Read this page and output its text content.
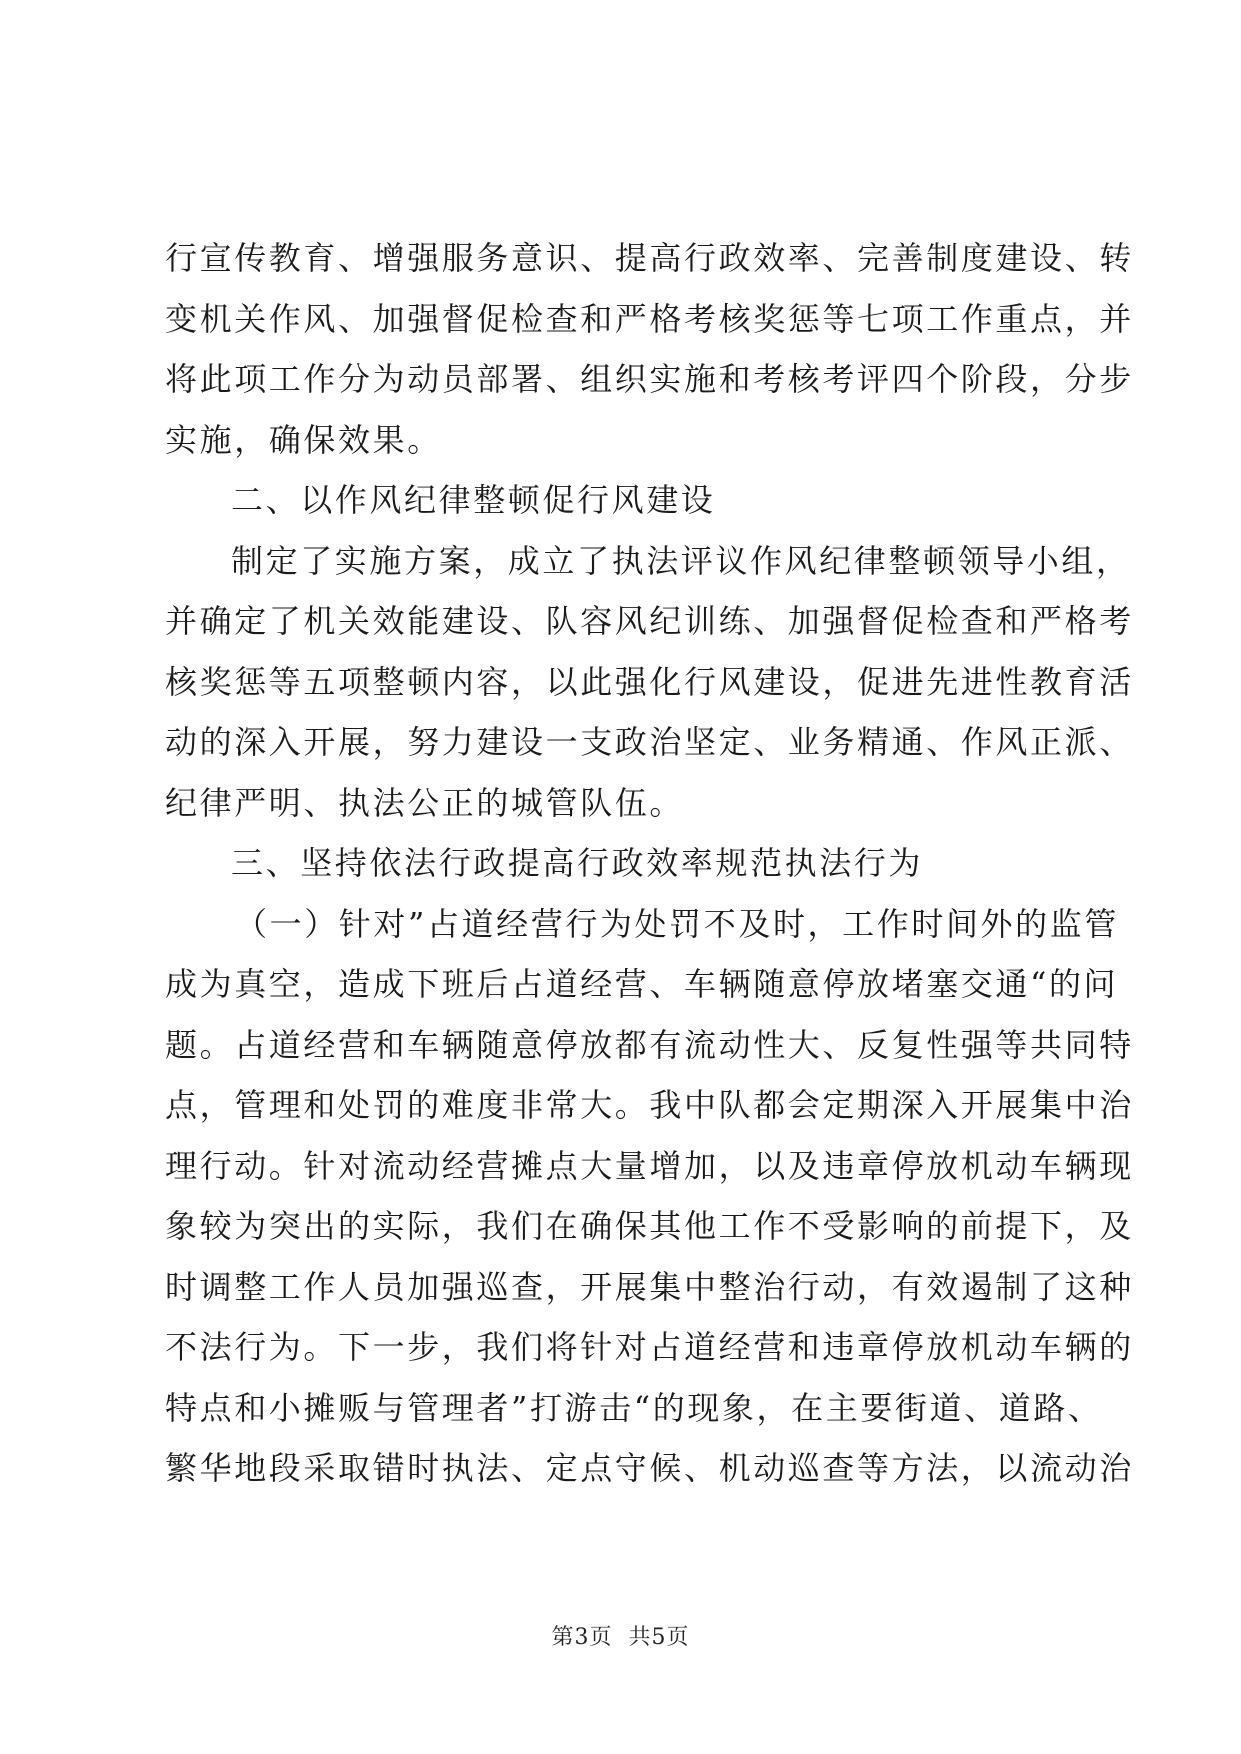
行宣传教育、增强服务意识、提高行政效率、完善制度建设、转
变机关作风、加强督促检查和严格考核奖惩等七项工作重点，并
将此项工作分为动员部署、组织实施和考核考评四个阶段，分步
实施，确保效果。
二、以作风纪律整顿促行风建设
制定了实施方案，成立了执法评议作风纪律整顿领导小组，
并确定了机关效能建设、队容风纪训练、加强督促检查和严格考
核奖惩等五项整顿内容，以此强化行风建设，促进先进性教育活
动的深入开展，努力建设一支政治坚定、业务精通、作风正派、
纪律严明、执法公正的城管队伍。
三、坚持依法行政提高行政效率规范执法行为
（一）针对”占道经营行为处罚不及时，工作时间外的监管
成为真空，造成下班后占道经营、车辆随意停放堵塞交通“的问
题。占道经营和车辆随意停放都有流动性大、反复性强等共同特
点，管理和处罚的难度非常大。我中队都会定期深入开展集中治
理行动。针对流动经营摊点大量增加，以及违章停放机动车辆现
象较为突出的实际，我们在确保其他工作不受影响的前提下，及
时调整工作人员加强巡查，开展集中整治行动，有效遏制了这种
不法行为。下一步，我们将针对占道经营和违章停放机动车辆的
特点和小摊贩与管理者”打游击“的现象，在主要街道、道路、
繁华地段采取错时执法、定点守候、机动巡查等方法，以流动治
第3页  共5页
